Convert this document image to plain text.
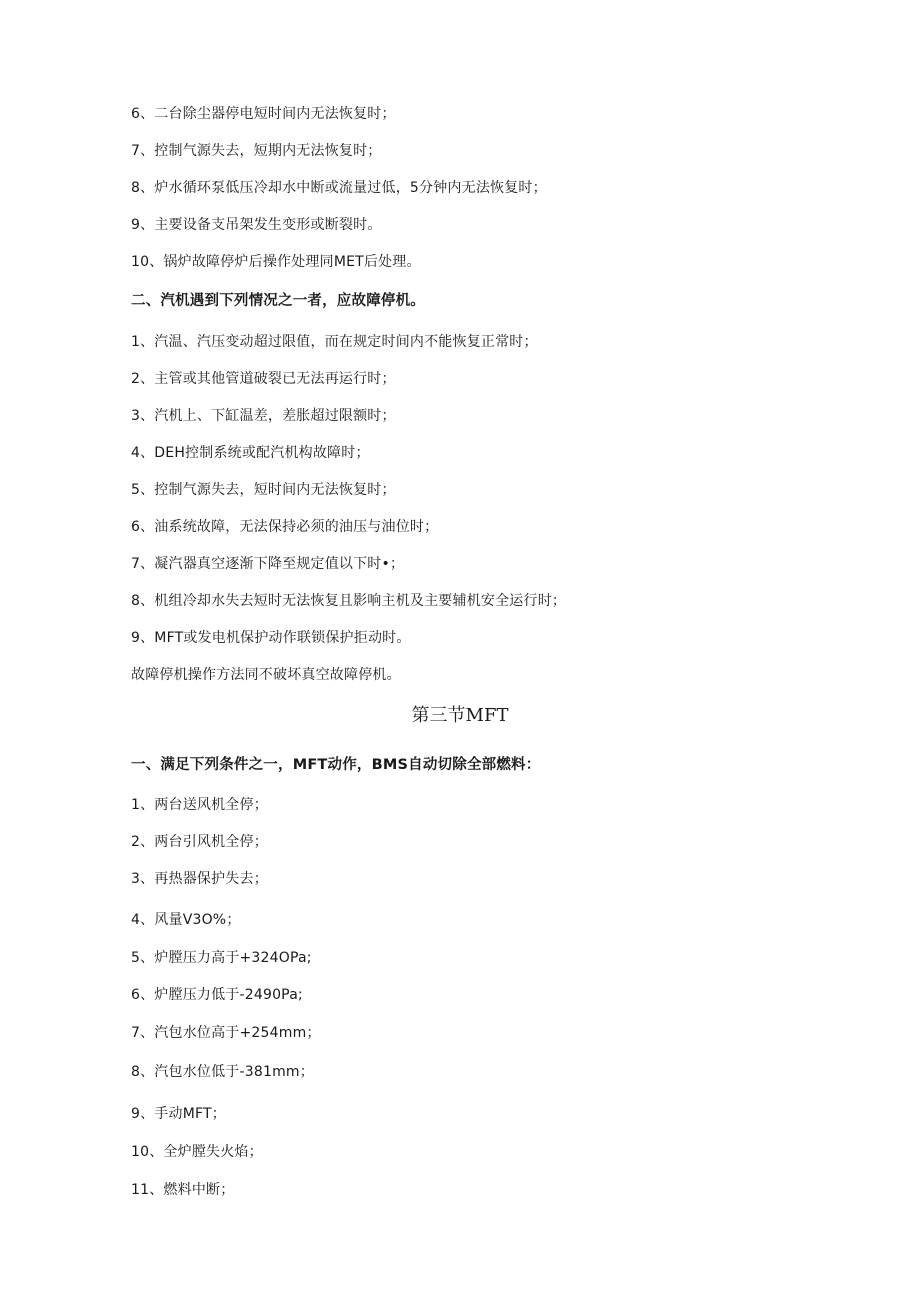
6、二台除尘器停电短时间内无法恢复时；
7、控制气源失去，短期内无法恢复时；
8、炉水循环泵低压冷却水中断或流量过低，5分钟内无法恢复时；
9、主要设备支吊架发生变形或断裂时。
10、锅炉故障停炉后操作处理同MET后处理。
二、汽机遇到下列情况之一者，应故障停机。
1、汽温、汽压变动超过限值，而在规定时间内不能恢复正常时；
2、主管或其他管道破裂已无法再运行时；
3、汽机上、下缸温差，差胀超过限额时；
4、DEH控制系统或配汽机构故障时；
5、控制气源失去，短时间内无法恢复时；
6、油系统故障，无法保持必须的油压与油位时；
7、凝汽器真空逐渐下降至规定值以下时•；
8、机组冷却水失去短时无法恢复且影响主机及主要辅机安全运行时；
9、MFT或发电机保护动作联锁保护拒动时。
故障停机操作方法同不破坏真空故障停机。
第三节MFT
一、满足下列条件之一，MFT动作，BMS自动切除全部燃料：
1、两台送风机全停；
2、两台引风机全停；
3、再热器保护失去；
4、风量V3O%；
5、炉膛压力高于+324OPa;
6、炉膛压力低于-2490Pa;
7、汽包水位高于+254mm；
8、汽包水位低于-381mm；
9、手动MFT；
10、全炉膛失火焰；
11、燃料中断；
